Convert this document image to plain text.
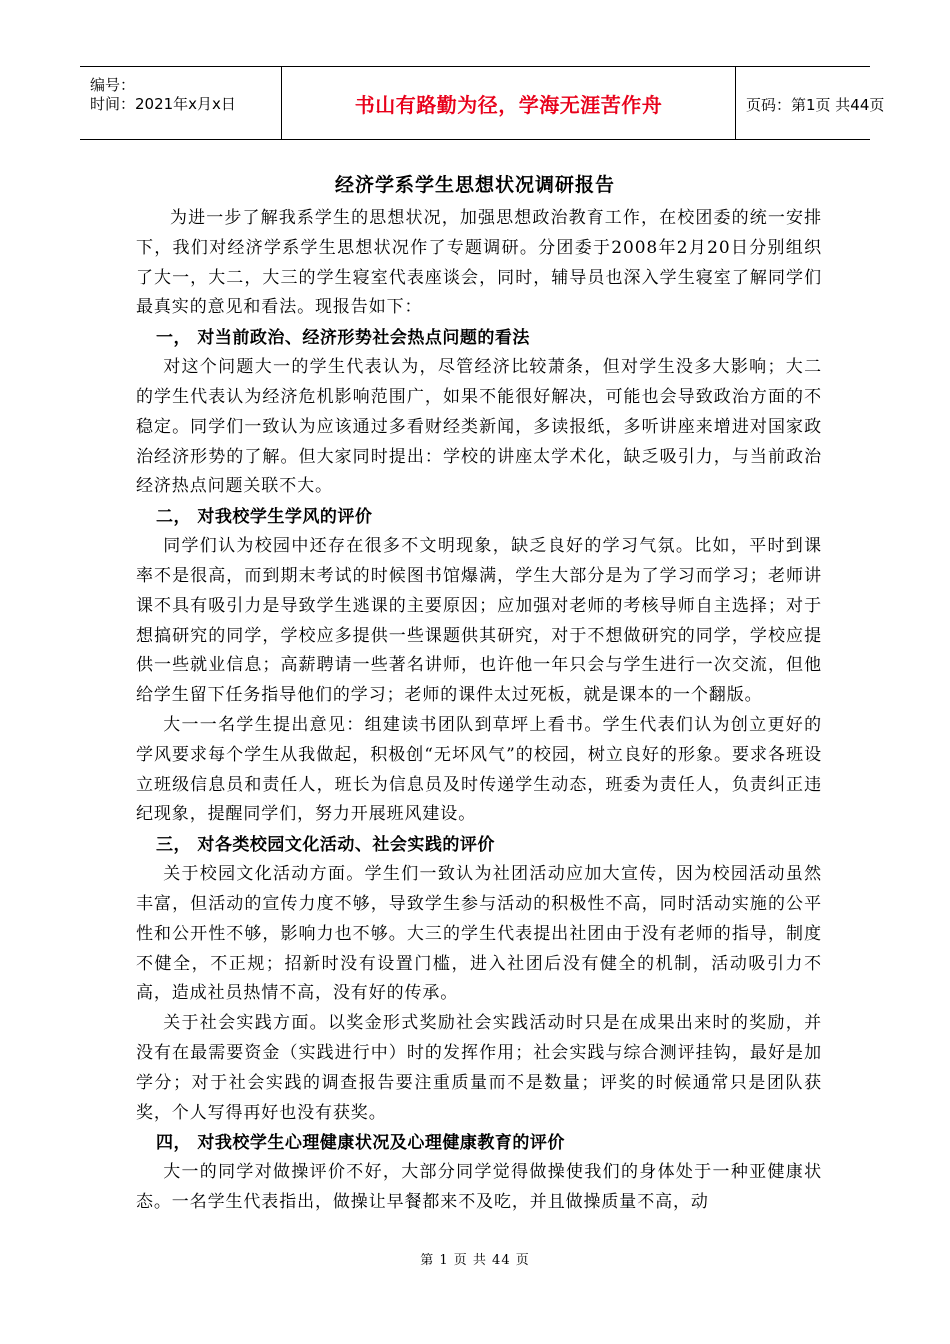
编号：
时间：2021年x月x日	书山有路勤为径，学海无涯苦作舟	页码：第1页 共44页
经济学系学生思想状况调研报告

为进一步了解我系学生的思想状况，加强思想政治教育工作，在校团委的统一安排下，我们对经济学系学生思想状况作了专题调研。分团委于2008年2月20日分别组织了大一，大二，大三的学生寝室代表座谈会，同时，辅导员也深入学生寝室了解同学们最真实的意见和看法。现报告如下：

一， 对当前政治、经济形势社会热点问题的看法

对这个问题大一的学生代表认为，尽管经济比较萧条，但对学生没多大影响；大二的学生代表认为经济危机影响范围广，如果不能很好解决，可能也会导致政治方面的不稳定。同学们一致认为应该通过多看财经类新闻，多读报纸，多听讲座来增进对国家政治经济形势的了解。但大家同时提出：学校的讲座太学术化，缺乏吸引力，与当前政治经济热点问题关联不大。

二， 对我校学生学风的评价

同学们认为校园中还存在很多不文明现象，缺乏良好的学习气氛。比如，平时到课率不是很高，而到期末考试的时候图书馆爆满，学生大部分是为了学习而学习；老师讲课不具有吸引力是导致学生逃课的主要原因；应加强对老师的考核导师自主选择；对于想搞研究的同学，学校应多提供一些课题供其研究，对于不想做研究的同学，学校应提供一些就业信息；高薪聘请一些著名讲师，也许他一年只会与学生进行一次交流，但他给学生留下任务指导他们的学习；老师的课件太过死板，就是课本的一个翻版。

大一一名学生提出意见：组建读书团队到草坪上看书。学生代表们认为创立更好的学风要求每个学生从我做起，积极创“无坏风气”的校园，树立良好的形象。要求各班设立班级信息员和责任人，班长为信息员及时传递学生动态，班委为责任人，负责纠正违纪现象，提醒同学们，努力开展班风建设。

三， 对各类校园文化活动、社会实践的评价

关于校园文化活动方面。学生们一致认为社团活动应加大宣传，因为校园活动虽然丰富，但活动的宣传力度不够，导致学生参与活动的积极性不高，同时活动实施的公平性和公开性不够，影响力也不够。大三的学生代表提出社团由于没有老师的指导，制度不健全，不正规；招新时没有设置门槛，进入社团后没有健全的机制，活动吸引力不高，造成社员热情不高，没有好的传承。

关于社会实践方面。以奖金形式奖励社会实践活动时只是在成果出来时的奖励，并没有在最需要资金（实践进行中）时的发挥作用；社会实践与综合测评挂钩，最好是加学分；对于社会实践的调查报告要注重质量而不是数量；评奖的时候通常只是团队获奖，个人写得再好也没有获奖。

四， 对我校学生心理健康状况及心理健康教育的评价

大一的同学对做操评价不好，大部分同学觉得做操使我们的身体处于一种亚健康状态。一名学生代表指出，做操让早餐都来不及吃，并且做操质量不高，动

第 1 页 共 44 页
